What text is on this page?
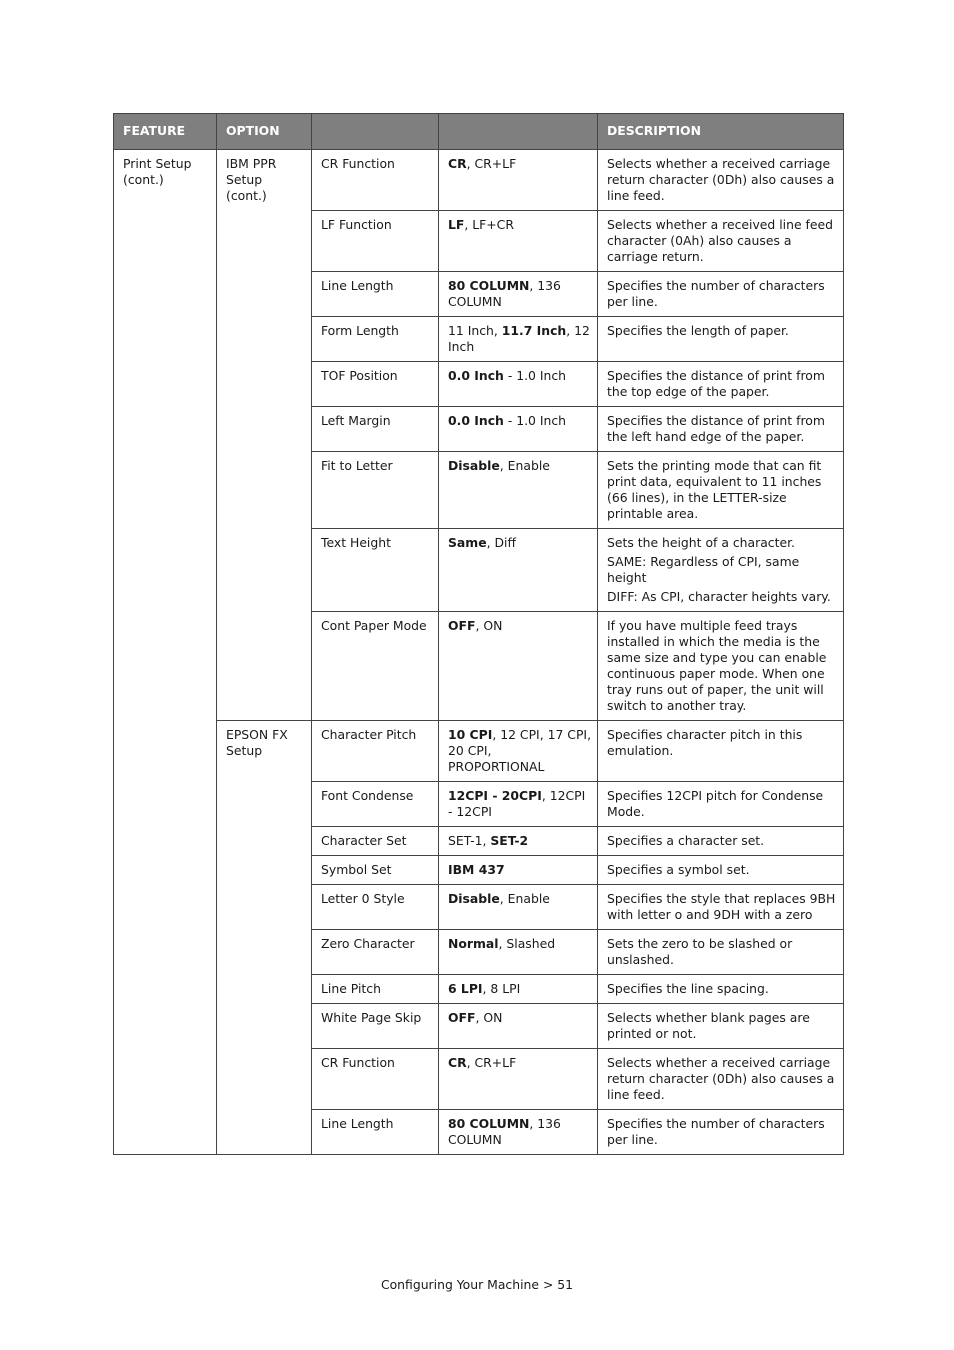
FEATURE	OPTION			DESCRIPTION
Print Setup (cont.)	IBM PPR Setup (cont.)	CR Function	CR, CR+LF	Selects whether a received carriage return character (0Dh) also causes a line feed.

		LF Function	LF, LF+CR	Selects whether a received line feed character (0Ah) also causes a carriage return.

		Line Length	80 COLUMN, 136 COLUMN	Specifies the number of characters per line.

		Form Length	11 Inch, 11.7 Inch, 12 Inch	Specifies the length of paper.

		TOF Position	0.0 Inch - 1.0 Inch	Specifies the distance of print from the top edge of the paper.

		Left Margin	0.0 Inch - 1.0 Inch	Specifies the distance of print from the left hand edge of the paper.

		Fit to Letter	Disable, Enable	Sets the printing mode that can fit print data, equivalent to 11 inches (66 lines), in the LETTER-size printable area.

		Text Height	Same, Diff	Sets the height of a character.

SAME: Regardless of CPI, same height

DIFF: As CPI, character heights vary.

		Cont Paper Mode	OFF, ON	If you have multiple feed trays installed in which the media is the same size and type you can enable continuous paper mode. When one tray runs out of paper, the unit will switch to another tray.

	EPSON FX Setup	Character Pitch	10 CPI, 12 CPI, 17 CPI, 20 CPI, PROPORTIONAL	Specifies character pitch in this emulation.

		Font Condense	12CPI - 20CPI, 12CPI - 12CPI	Specifies 12CPI pitch for Condense Mode.

		Character Set	SET-1, SET-2	Specifies a character set.

		Symbol Set	IBM 437	Specifies a symbol set.

		Letter 0 Style	Disable, Enable	Specifies the style that replaces 9BH with letter o and 9DH with a zero

		Zero Character	Normal, Slashed	Sets the zero to be slashed or unslashed.

		Line Pitch	6 LPI, 8 LPI	Specifies the line spacing.

		White Page Skip	OFF, ON	Selects whether blank pages are printed or not.

		CR Function	CR, CR+LF	Selects whether a received carriage return character (0Dh) also causes a line feed.

		Line Length	80 COLUMN, 136 COLUMN	Specifies the number of characters per line.

Configuring Your Machine > 51
